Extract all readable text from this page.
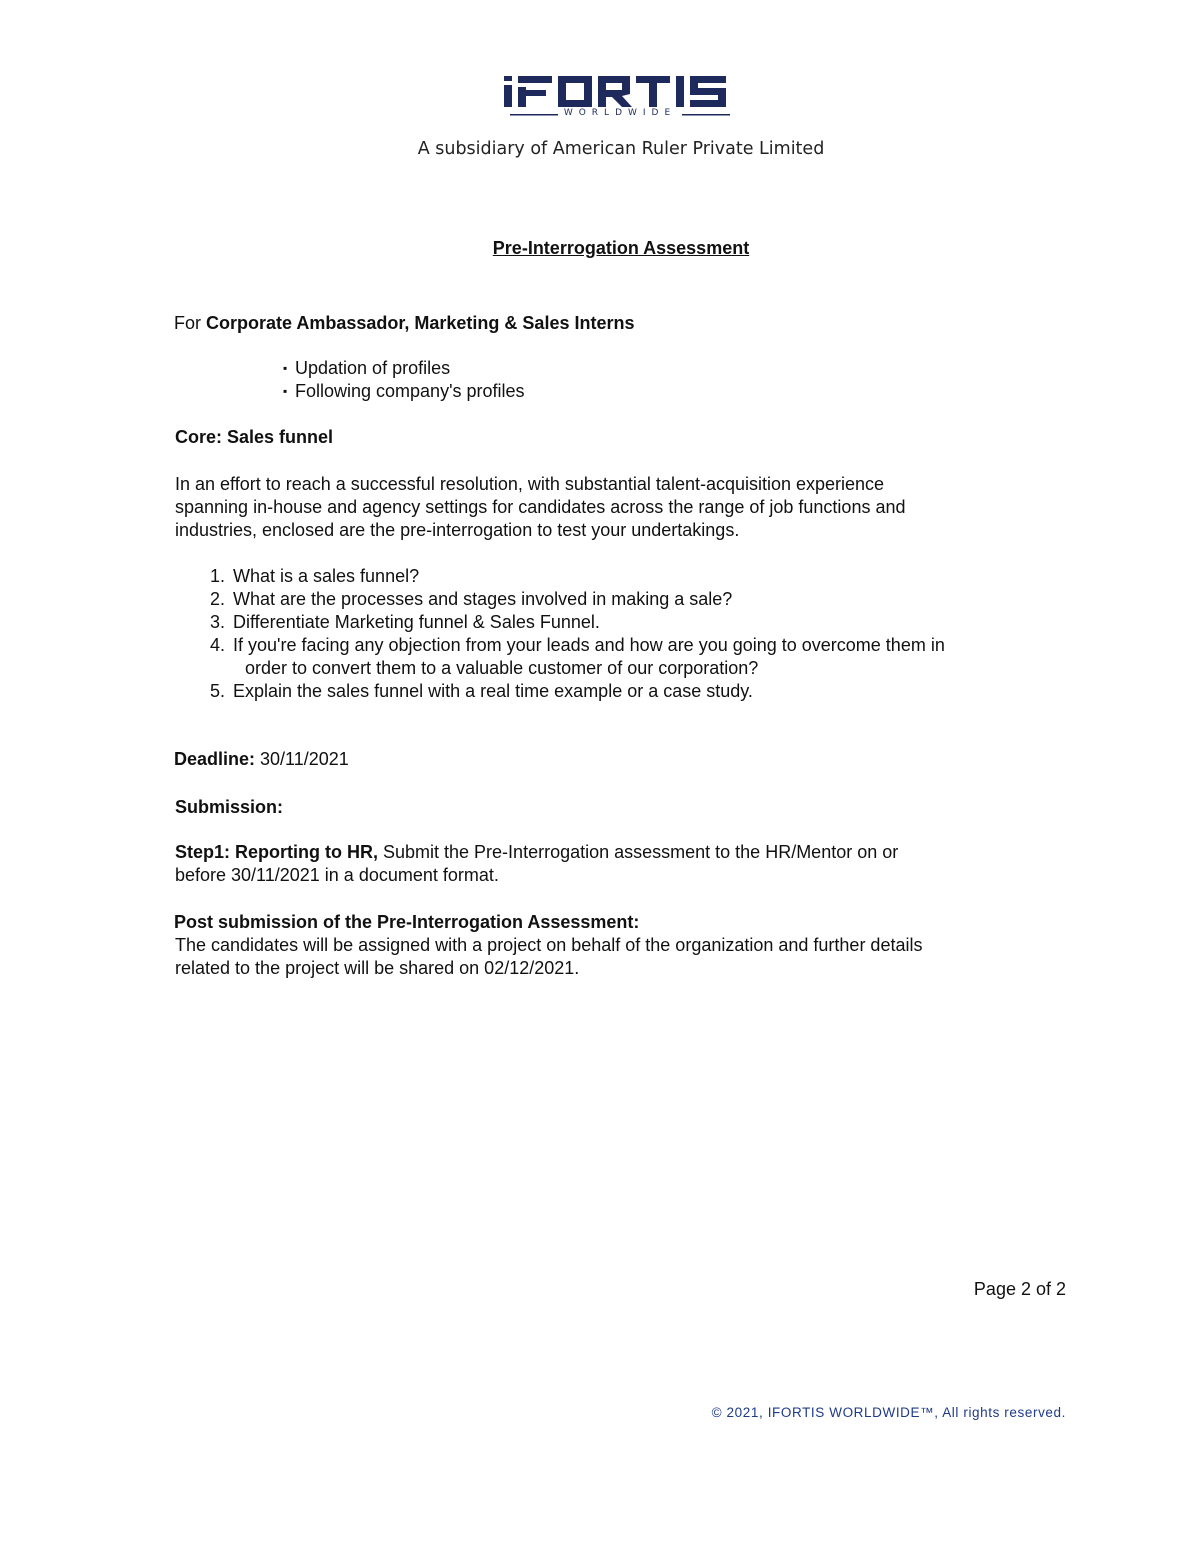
WORLDWIDE
A subsidiary of American Ruler Private Limited
Pre-Interrogation Assessment
For Corporate Ambassador, Marketing & Sales Interns
▪ Updation of profiles
▪ Following company's profiles
Core: Sales funnel
In an effort to reach a successful resolution, with substantial talent-acquisition experience
spanning in-house and agency settings for candidates across the range of job functions and
industries, enclosed are the pre-interrogation to test your undertakings.
1. What is a sales funnel?
2. What are the processes and stages involved in making a sale?
3. Differentiate Marketing funnel & Sales Funnel.
4. If you're facing any objection from your leads and how are you going to overcome them in
order to convert them to a valuable customer of our corporation?
5. Explain the sales funnel with a real time example or a case study.
Deadline: 30/11/2021
Submission:
Step1: Reporting to HR, Submit the Pre-Interrogation assessment to the HR/Mentor on or
before 30/11/2021 in a document format.
Post submission of the Pre-Interrogation Assessment:
The candidates will be assigned with a project on behalf of the organization and further details
related to the project will be shared on 02/12/2021.
Page 2 of 2
© 2021, IFORTIS WORLDWIDE™, All rights reserved.
